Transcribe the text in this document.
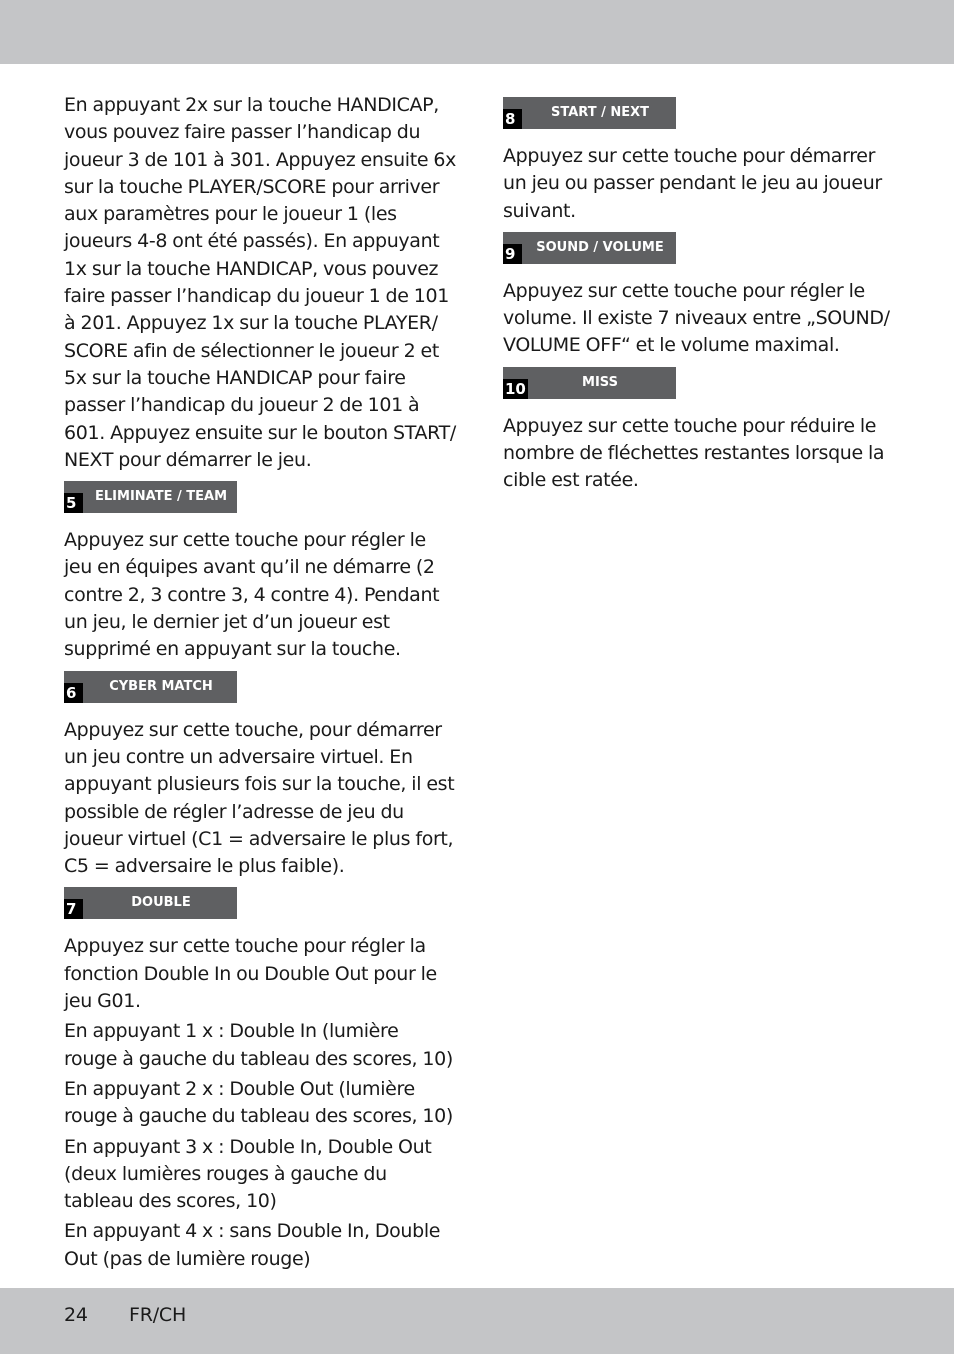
En appuyant 2x sur la touche HANDICAP, vous pouvez faire passer l’handicap du joueur 3 de 101 à 301. Appuyez ensuite 6x sur la touche PLAYER/SCORE pour arriver aux paramètres pour le joueur 1 (les joueurs 4-8 ont été passés). En appuyant 1x sur la touche HANDICAP, vous pouvez faire passer l’handicap du joueur 1 de 101 à 201. Appuyez 1x sur la touche PLAYER/ SCORE afin de sélectionner le joueur 2 et 5x sur la touche HANDICAP pour faire passer l’handicap du joueur 2 de 101 à 601. Appuyez ensuite sur le bouton START/ NEXT pour démarrer le jeu.

5	ELIMINATE / TEAM

Appuyez sur cette touche pour régler le jeu en équipes avant qu’il ne démarre (2 contre 2, 3 contre 3, 4 contre 4). Pendant un jeu, le dernier jet d’un joueur est supprimé en appuyant sur la touche.

6	CYBER MATCH

Appuyez sur cette touche, pour démarrer un jeu contre un adversaire virtuel. En appuyant plusieurs fois sur la touche, il est possible de régler l’adresse de jeu du joueur virtuel (C1 = adversaire le plus fort, C5 = adversaire le plus faible).

7	DOUBLE

Appuyez sur cette touche pour régler la fonction Double In ou Double Out pour le jeu G01.

En appuyant 1 x : Double In (lumière rouge à gauche du tableau des scores, 10)

En appuyant 2 x : Double Out (lumière rouge à gauche du tableau des scores, 10)

En appuyant 3 x : Double In, Double Out (deux lumières rouges à gauche du tableau des scores, 10)

En appuyant 4 x : sans Double In, Double Out (pas de lumière rouge)

8	START / NEXT

Appuyez sur cette touche pour démarrer un jeu ou passer pendant le jeu au joueur suivant.

9	SOUND / VOLUME

Appuyez sur cette touche pour régler le volume. Il existe 7 niveaux entre „SOUND/ VOLUME OFF“ et le volume maximal.

10	MISS

Appuyez sur cette touche pour réduire le nombre de fléchettes restantes lorsque la cible est ratée.

24 FR/CH
